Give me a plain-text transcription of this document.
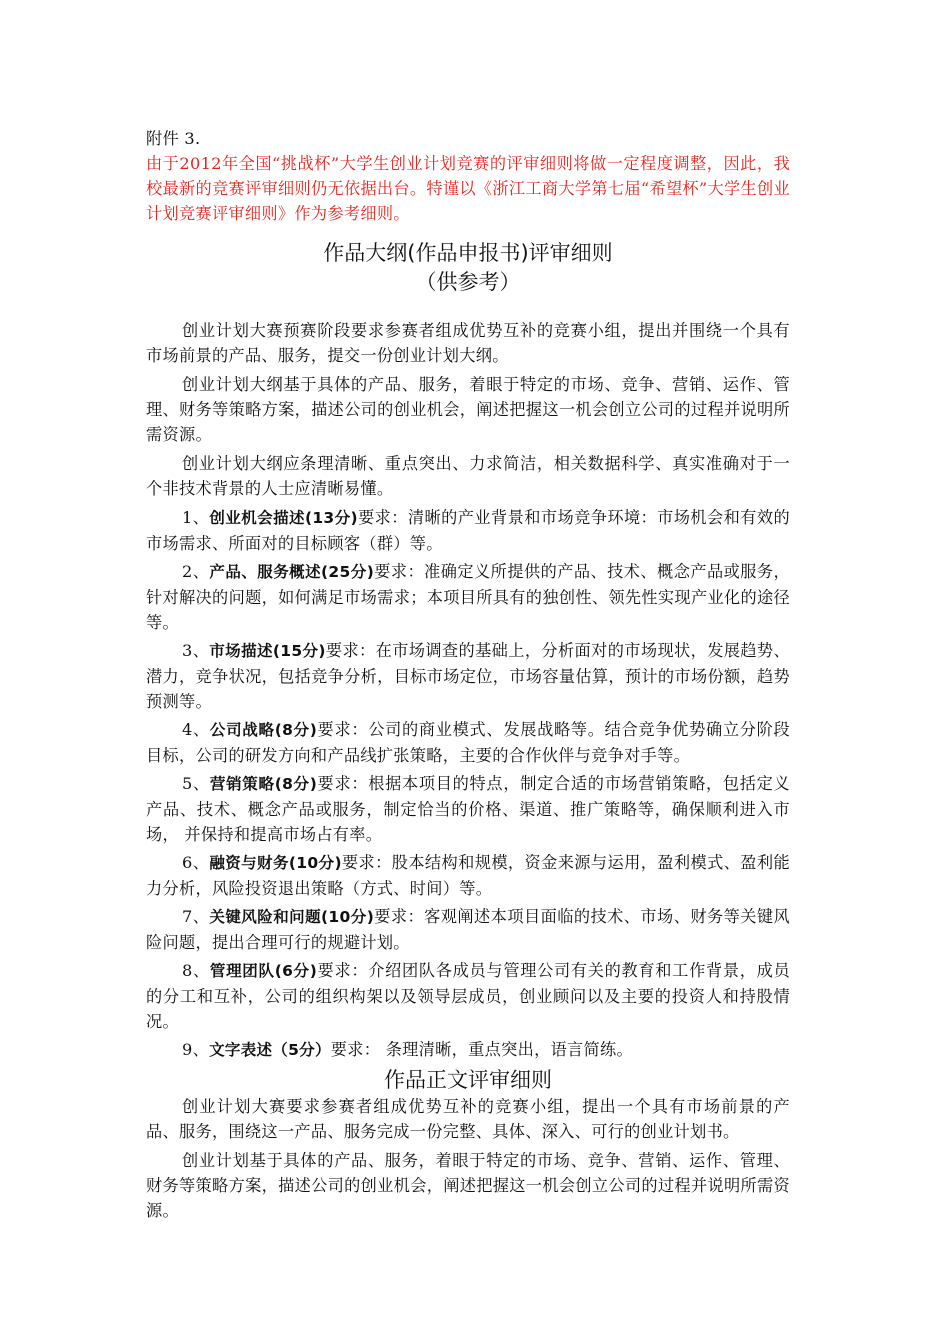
附件 3.

由于2012年全国“挑战杯”大学生创业计划竞赛的评审细则将做一定程度调整，因此，我校最新的竞赛评审细则仍无依据出台。特谨以《浙江工商大学第七届“希望杯”大学生创业计划竞赛评审细则》作为参考细则。

作品大纲(作品申报书)评审细则
（供参考）

创业计划大赛预赛阶段要求参赛者组成优势互补的竞赛小组，提出并围绕一个具有市场前景的产品、服务，提交一份创业计划大纲。

创业计划大纲基于具体的产品、服务，着眼于特定的市场、竞争、营销、运作、管理、财务等策略方案，描述公司的创业机会，阐述把握这一机会创立公司的过程并说明所需资源。

创业计划大纲应条理清晰、重点突出、力求简洁，相关数据科学、真实准确对于一个非技术背景的人士应清晰易懂。

1、创业机会描述(13分)要求：清晰的产业背景和市场竞争环境：市场机会和有效的市场需求、所面对的目标顾客（群）等。

2、产品、服务概述(25分)要求：准确定义所提供的产品、技术、概念产品或服务，针对解决的问题，如何满足市场需求；本项目所具有的独创性、领先性实现产业化的途径等。

3、市场描述(15分)要求：在市场调查的基础上，分析面对的市场现状，发展趋势、潜力，竞争状况，包括竞争分析，目标市场定位，市场容量估算，预计的市场份额，趋势预测等。

4、公司战略(8分)要求：公司的商业模式、发展战略等。结合竞争优势确立分阶段目标，公司的研发方向和产品线扩张策略，主要的合作伙伴与竞争对手等。

5、营销策略(8分)要求：根据本项目的特点，制定合适的市场营销策略，包括定义产品、技术、概念产品或服务，制定恰当的价格、渠道、推广策略等，确保顺利进入市场， 并保持和提高市场占有率。

6、融资与财务(10分)要求：股本结构和规模，资金来源与运用，盈利模式、盈利能力分析，风险投资退出策略（方式、时间）等。

7、关键风险和问题(10分)要求：客观阐述本项目面临的技术、市场、财务等关键风险问题，提出合理可行的规避计划。

8、管理团队(6分)要求：介绍团队各成员与管理公司有关的教育和工作背景，成员的分工和互补，公司的组织构架以及领导层成员，创业顾问以及主要的投资人和持股情况。

9、文字表述（5分）要求： 条理清晰，重点突出，语言简练。

作品正文评审细则

创业计划大赛要求参赛者组成优势互补的竞赛小组，提出一个具有市场前景的产品、服务，围绕这一产品、服务完成一份完整、具体、深入、可行的创业计划书。

创业计划基于具体的产品、服务，着眼于特定的市场、竞争、营销、运作、管理、财务等策略方案，描述公司的创业机会，阐述把握这一机会创立公司的过程并说明所需资源。
